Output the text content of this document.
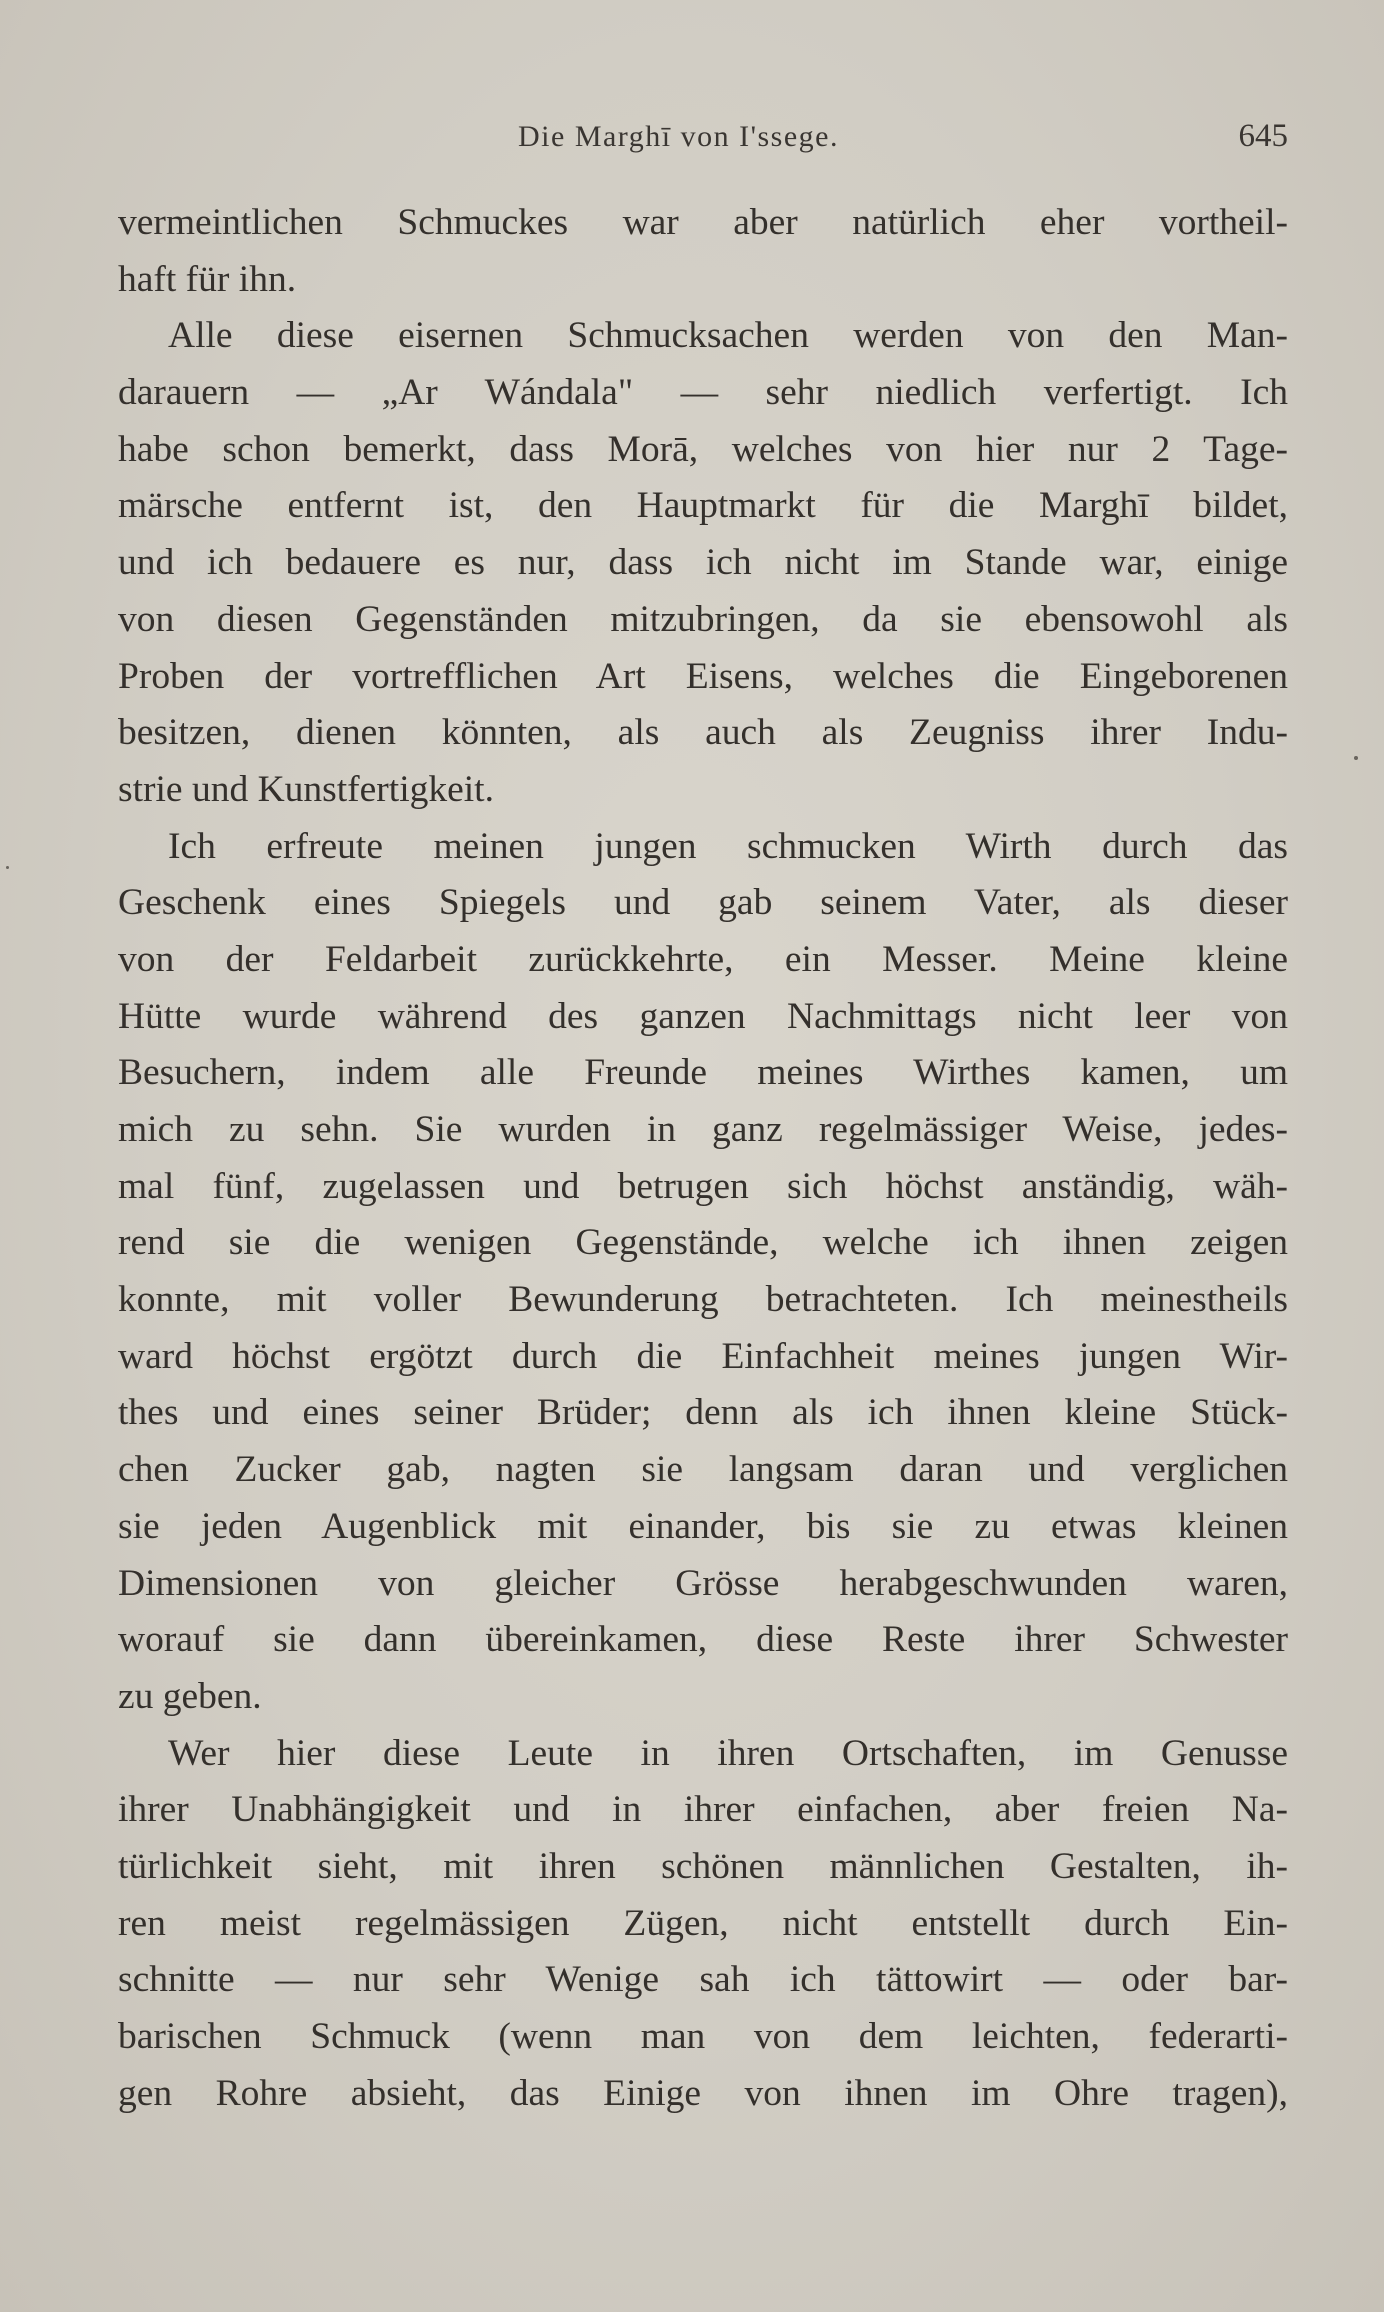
Die Marghī von I'ssege.	645
vermeintlichen Schmuckes war aber natürlich eher vortheil-
haft für ihn.
Alle diese eisernen Schmucksachen werden von den Man-
darauern — „Ar Wándala" — sehr niedlich verfertigt. Ich
habe schon bemerkt, dass Morā, welches von hier nur 2 Tage-
märsche entfernt ist, den Hauptmarkt für die Marghī bildet,
und ich bedauere es nur, dass ich nicht im Stande war, einige
von diesen Gegenständen mitzubringen, da sie ebensowohl als
Proben der vortrefflichen Art Eisens, welches die Eingeborenen
besitzen, dienen könnten, als auch als Zeugniss ihrer Indu-
strie und Kunstfertigkeit.
Ich erfreute meinen jungen schmucken Wirth durch das
Geschenk eines Spiegels und gab seinem Vater, als dieser
von der Feldarbeit zurückkehrte, ein Messer. Meine kleine
Hütte wurde während des ganzen Nachmittags nicht leer von
Besuchern, indem alle Freunde meines Wirthes kamen, um
mich zu sehn. Sie wurden in ganz regelmässiger Weise, jedes-
mal fünf, zugelassen und betrugen sich höchst anständig, wäh-
rend sie die wenigen Gegenstände, welche ich ihnen zeigen
konnte, mit voller Bewunderung betrachteten. Ich meinestheils
ward höchst ergötzt durch die Einfachheit meines jungen Wir-
thes und eines seiner Brüder; denn als ich ihnen kleine Stück-
chen Zucker gab, nagten sie langsam daran und verglichen
sie jeden Augenblick mit einander, bis sie zu etwas kleinen
Dimensionen von gleicher Grösse herabgeschwunden waren,
worauf sie dann übereinkamen, diese Reste ihrer Schwester
zu geben.
Wer hier diese Leute in ihren Ortschaften, im Genusse
ihrer Unabhängigkeit und in ihrer einfachen, aber freien Na-
türlichkeit sieht, mit ihren schönen männlichen Gestalten, ih-
ren meist regelmässigen Zügen, nicht entstellt durch Ein-
schnitte — nur sehr Wenige sah ich tättowirt — oder bar-
barischen Schmuck (wenn man von dem leichten, federarti-
gen Rohre absieht, das Einige von ihnen im Ohre tragen),
